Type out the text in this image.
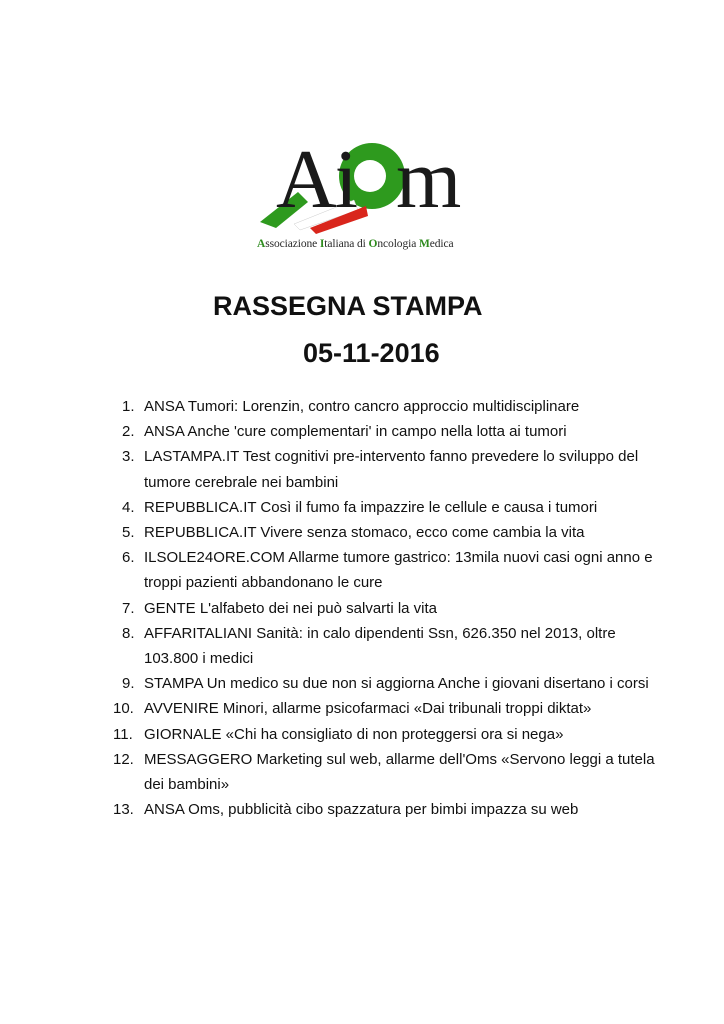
Ai m
Associazione Italiana di Oncologia Medica
RASSEGNA STAMPA
05-11-2016
1. ANSA Tumori: Lorenzin, contro cancro approccio multidisciplinare
2. ANSA Anche 'cure complementari' in campo nella lotta ai tumori
3. LASTAMPA.IT Test cognitivi pre-intervento fanno prevedere lo sviluppo del tumore cerebrale nei bambini
4. REPUBBLICA.IT Così il fumo fa impazzire le cellule e causa i tumori
5. REPUBBLICA.IT Vivere senza stomaco, ecco come cambia la vita
6. ILSOLE24ORE.COM Allarme tumore gastrico: 13mila nuovi casi ogni anno e troppi pazienti abbandonano le cure
7. GENTE L'alfabeto dei nei può salvarti la vita
8. AFFARITALIANI Sanità: in calo dipendenti Ssn, 626.350 nel 2013, oltre 103.800 i medici
9. STAMPA Un medico su due non si aggiorna Anche i giovani disertano i corsi
10. AVVENIRE Minori, allarme psicofarmaci «Dai tribunali troppi diktat»
11. GIORNALE «Chi ha consigliato di non proteggersi ora si nega»
12. MESSAGGERO Marketing sul web, allarme dell'Oms «Servono leggi a tutela dei bambini»
13. ANSA Oms, pubblicità cibo spazzatura per bimbi impazza su web
